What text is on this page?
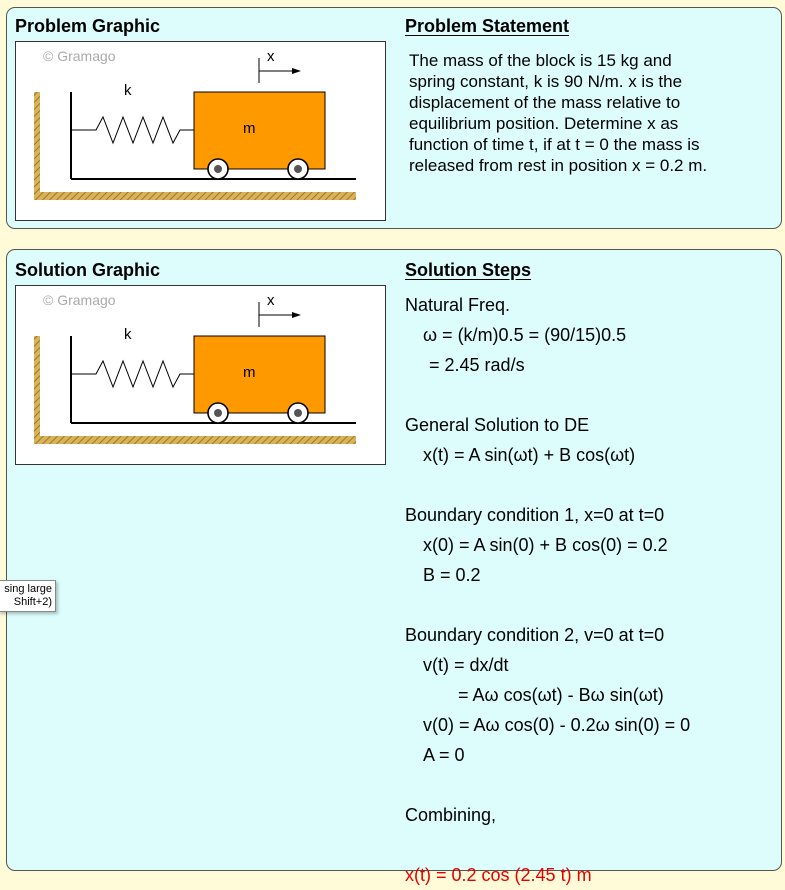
Problem Graphic	Problem Statement
© Gramago
k
m
x	The mass of the block is 15 kg and
spring constant, k is 90 N/m. x is the
displacement of the mass relative to
equilibrium position. Determine x as
function of time t, if at t = 0 the mass is
released from rest in position x = 0.2 m.
Solution Graphic	Solution Steps
© Gramago
k
m
x	Natural Freq.
ω = (k/m)0.5 = (90/15)0.5
= 2.45 rad/s
General Solution to DE
x(t) = A sin(ωt) + B cos(ωt)
Boundary condition 1, x=0 at t=0
x(0) = A sin(0) + B cos(0) = 0.2
B = 0.2
Boundary condition 2, v=0 at t=0
v(t) = dx/dt
= Aω cos(ωt) - Bω sin(ωt)
v(0) = Aω cos(0) - 0.2ω sin(0) = 0
A = 0
Combining,
x(t) = 0.2 cos (2.45 t) m
sing large
Shift+2)
